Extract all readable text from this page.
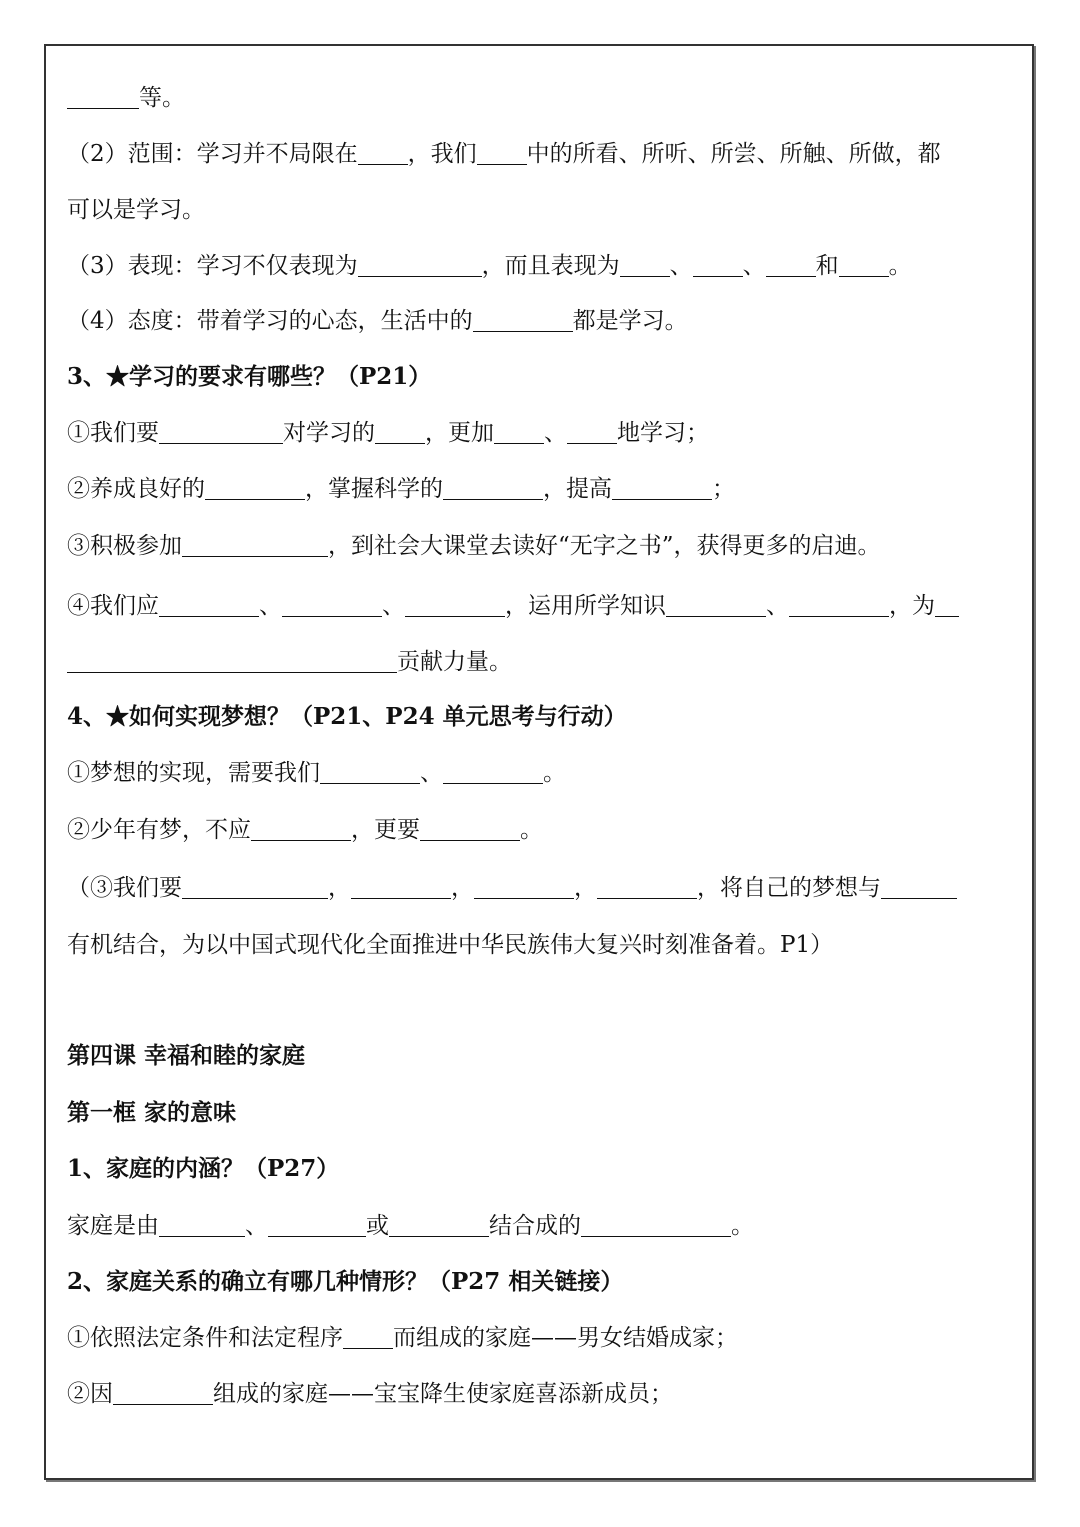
等。
（2）范围：学习并不局限在 ，我们 中的所看、所听、所尝、所触、所做，都
可以是学习。
（3）表现：学习不仅表现为	，而且表现为 、 、 和 。
（4）态度：带着学习的心态，生活中的	都是学习。
3、★学习的要求有哪些？（P21）
①我们要	对学习的 ，更加 、 地学习；
②养成良好的	，掌握科学的	，提高	；
③积极参加	，到社会大课堂去读好“无字之书”，获得更多的启迪。
④我们应	、	、	，运用所学知识	、	，为
贡献力量。
4、★如何实现梦想？（P21、P24 单元思考与行动）
①梦想的实现，需要我们	、	。
②少年有梦，不应	，更要	。
（③我们要	，	，	，	，将自己的梦想与
有机结合，为以中国式现代化全面推进中华民族伟大复兴时刻准备着。P1）
第四课 幸福和睦的家庭
第一框 家的意味
1、家庭的内涵？（P27）
家庭是由	、	或	结合成的	。
2、家庭关系的确立有哪几种情形？（P27 相关链接）
①依照法定条件和法定程序 而组成的家庭——男女结婚成家；
②因	组成的家庭——宝宝降生使家庭喜添新成员；
